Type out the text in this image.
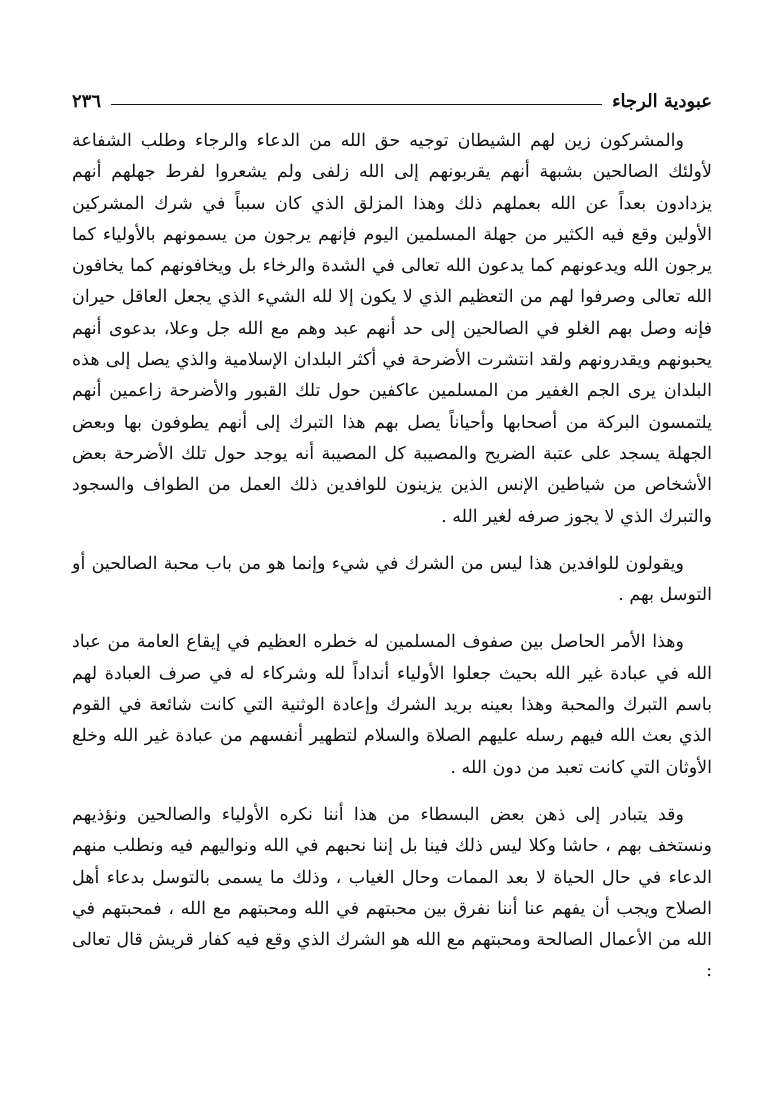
عبودية الرجاء
٢٣٦

والمشركون زين لهم الشيطان توجيه حق الله من الدعاء والرجاء وطلب الشفاعة لأولئك الصالحين بشبهة أنهم يقربونهم إلى الله زلفى ولم يشعروا لفرط جهلهم أنهم يزدادون بعداً عن الله بعملهم ذلك وهذا المزلق الذي كان سبباً في شرك المشركين الأولين وقع فيه الكثير من جهلة المسلمين اليوم فإنهم يرجون من يسمونهم بالأولياء كما يرجون الله ويدعونهم كما يدعون الله تعالى في الشدة والرخاء بل ويخافونهم كما يخافون الله تعالى وصرفوا لهم من التعظيم الذي لا يكون إلا لله الشيء الذي يجعل العاقل حيران فإنه وصل بهم الغلو في الصالحين إلى حد أنهم عبد وهم مع الله جل وعلا، بدعوى أنهم يحبونهم ويقدرونهم ولقد انتشرت الأضرحة في أكثر البلدان الإسلامية والذي يصل إلى هذه البلدان يرى الجم الغفير من المسلمين عاكفين حول تلك القبور والأضرحة زاعمين أنهم يلتمسون البركة من أصحابها وأحياناً يصل بهم هذا التبرك إلى أنهم يطوفون بها وبعض الجهلة يسجد على عتبة الضريح والمصيبة كل المصيبة أنه يوجد حول تلك الأضرحة بعض الأشخاص من شياطين الإنس الذين يزينون للوافدين ذلك العمل من الطواف والسجود والتبرك الذي لا يجوز صرفه لغير الله .

ويقولون للوافدين هذا ليس من الشرك في شيء وإنما هو من باب محبة الصالحين أو التوسل بهم .

وهذا الأمر الحاصل بين صفوف المسلمين له خطره العظيم في إيقاع العامة من عباد الله في عبادة غير الله بحيث جعلوا الأولياء أنداداً لله وشركاء له في صرف العبادة لهم باسم التبرك والمحبة وهذا بعينه بريد الشرك وإعادة الوثنية التي كانت شائعة في القوم الذي بعث الله فيهم رسله عليهم الصلاة والسلام لتطهير أنفسهم من عبادة غير الله وخلع الأوثان التي كانت تعبد من دون الله .

وقد يتبادر إلى ذهن بعض البسطاء من هذا أننا نكره الأولياء والصالحين ونؤذيهم ونستخف بهم ، حاشا وكلا ليس ذلك فينا بل إننا نحبهم في الله ونواليهم فيه ونطلب منهم الدعاء في حال الحياة لا بعد الممات وحال الغياب ، وذلك ما يسمى بالتوسل بدعاء أهل الصلاح ويجب أن يفهم عنا أننا نفرق بين محبتهم في الله ومحبتهم مع الله ، فمحبتهم في الله من الأعمال الصالحة ومحبتهم مع الله هو الشرك الذي وقع فيه كفار قريش قال تعالى :
